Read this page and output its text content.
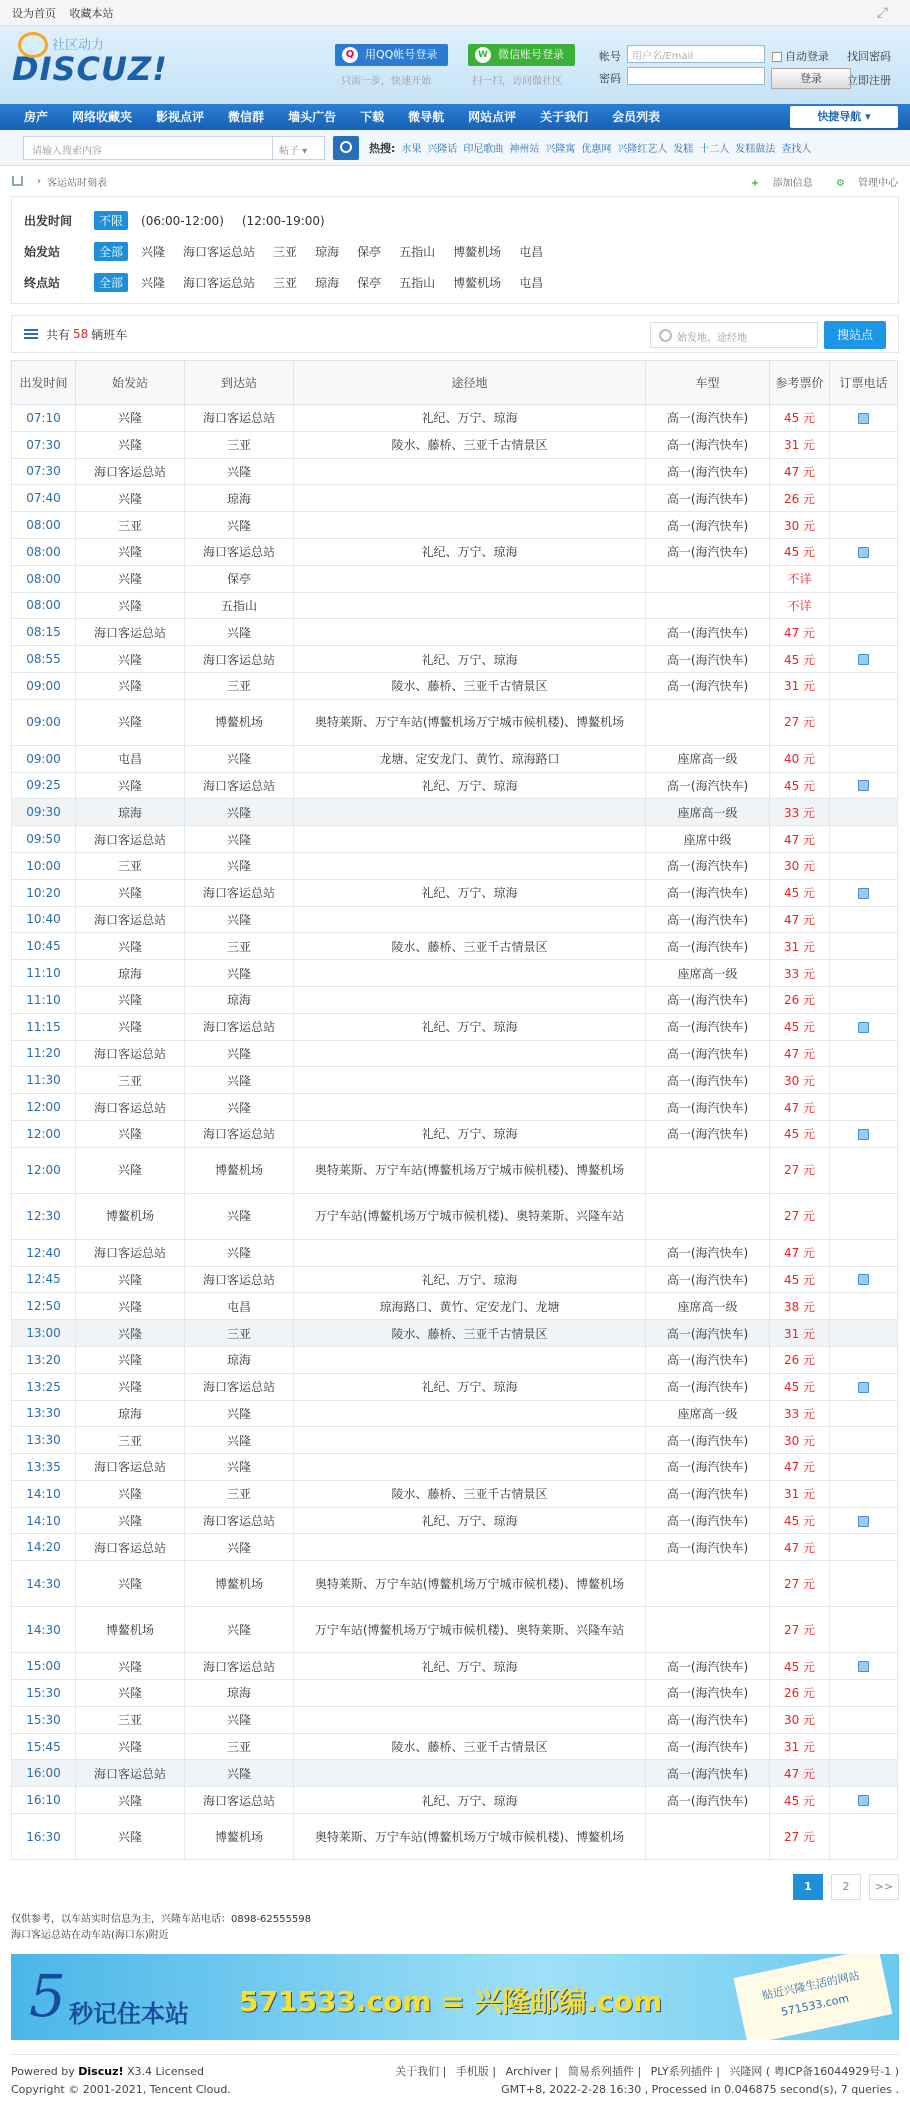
设为首页 收藏本站	⤢
社区动力
DISCUZ!	Q 用QQ帐号登录	W 微信账号登录
只需一步，快速开始	扫一扫，访问微社区
帐号	用户名/Email
密码
自动登录
登录
找回密码
立即注册
房产	网络收藏夹	影视点评	微信群	墙头广告	下载	微导航	网站点评	关于我们	会员列表	快捷导航 ▾
请输入搜索内容	帖子 ▾	热搜: 水果 兴隆话 印尼歌曲 神州站 兴隆寓 优惠网 兴隆红艺人 发糕 十二人 发糕做法 查找人
› 客运站时刻表	+ 添加信息 ⚙ 管理中心
出发时间	不限	(06:00-12:00)	(12:00-19:00)
始发站	全部	兴隆	海口客运总站	三亚	琼海	保亭	五指山	博鳌机场	屯昌
终点站	全部	兴隆	海口客运总站	三亚	琼海	保亭	五指山	博鳌机场	屯昌
共有 58 辆班车	始发地、途经地	搜站点
出发时间	始发站	到达站	途径地	车型	参考票价	订票电话
07:10	兴隆	海口客运总站	礼纪、万宁、琼海	高一(海汽快车)	45 元	
07:30	兴隆	三亚	陵水、藤桥、三亚千古情景区	高一(海汽快车)	31 元	
07:30	海口客运总站	兴隆		高一(海汽快车)	47 元	
07:40	兴隆	琼海		高一(海汽快车)	26 元	
08:00	三亚	兴隆		高一(海汽快车)	30 元	
08:00	兴隆	海口客运总站	礼纪、万宁、琼海	高一(海汽快车)	45 元	
08:00	兴隆	保亭			不详	
08:00	兴隆	五指山			不详	
08:15	海口客运总站	兴隆		高一(海汽快车)	47 元	
08:55	兴隆	海口客运总站	礼纪、万宁、琼海	高一(海汽快车)	45 元	
09:00	兴隆	三亚	陵水、藤桥、三亚千古情景区	高一(海汽快车)	31 元	
09:00	兴隆	博鳌机场	奥特莱斯、万宁车站(博鳌机场万宁城市候机楼)、博鳌机场		27 元	
09:00	屯昌	兴隆	龙塘、定安龙门、黄竹、琼海路口	座席高一级	40 元	
09:25	兴隆	海口客运总站	礼纪、万宁、琼海	高一(海汽快车)	45 元	
09:30	琼海	兴隆		座席高一级	33 元	
09:50	海口客运总站	兴隆		座席中级	47 元	
10:00	三亚	兴隆		高一(海汽快车)	30 元	
10:20	兴隆	海口客运总站	礼纪、万宁、琼海	高一(海汽快车)	45 元	
10:40	海口客运总站	兴隆		高一(海汽快车)	47 元	
10:45	兴隆	三亚	陵水、藤桥、三亚千古情景区	高一(海汽快车)	31 元	
11:10	琼海	兴隆		座席高一级	33 元	
11:10	兴隆	琼海		高一(海汽快车)	26 元	
11:15	兴隆	海口客运总站	礼纪、万宁、琼海	高一(海汽快车)	45 元	
11:20	海口客运总站	兴隆		高一(海汽快车)	47 元	
11:30	三亚	兴隆		高一(海汽快车)	30 元	
12:00	海口客运总站	兴隆		高一(海汽快车)	47 元	
12:00	兴隆	海口客运总站	礼纪、万宁、琼海	高一(海汽快车)	45 元	
12:00	兴隆	博鳌机场	奥特莱斯、万宁车站(博鳌机场万宁城市候机楼)、博鳌机场		27 元	
12:30	博鳌机场	兴隆	万宁车站(博鳌机场万宁城市候机楼)、奥特莱斯、兴隆车站		27 元	
12:40	海口客运总站	兴隆		高一(海汽快车)	47 元	
12:45	兴隆	海口客运总站	礼纪、万宁、琼海	高一(海汽快车)	45 元	
12:50	兴隆	屯昌	琼海路口、黄竹、定安龙门、龙塘	座席高一级	38 元	
13:00	兴隆	三亚	陵水、藤桥、三亚千古情景区	高一(海汽快车)	31 元	
13:20	兴隆	琼海		高一(海汽快车)	26 元	
13:25	兴隆	海口客运总站	礼纪、万宁、琼海	高一(海汽快车)	45 元	
13:30	琼海	兴隆		座席高一级	33 元	
13:30	三亚	兴隆		高一(海汽快车)	30 元	
13:35	海口客运总站	兴隆		高一(海汽快车)	47 元	
14:10	兴隆	三亚	陵水、藤桥、三亚千古情景区	高一(海汽快车)	31 元	
14:10	兴隆	海口客运总站	礼纪、万宁、琼海	高一(海汽快车)	45 元	
14:20	海口客运总站	兴隆		高一(海汽快车)	47 元	
14:30	兴隆	博鳌机场	奥特莱斯、万宁车站(博鳌机场万宁城市候机楼)、博鳌机场		27 元	
14:30	博鳌机场	兴隆	万宁车站(博鳌机场万宁城市候机楼)、奥特莱斯、兴隆车站		27 元	
15:00	兴隆	海口客运总站	礼纪、万宁、琼海	高一(海汽快车)	45 元	
15:30	兴隆	琼海		高一(海汽快车)	26 元	
15:30	三亚	兴隆		高一(海汽快车)	30 元	
15:45	兴隆	三亚	陵水、藤桥、三亚千古情景区	高一(海汽快车)	31 元	
16:00	海口客运总站	兴隆		高一(海汽快车)	47 元	
16:10	兴隆	海口客运总站	礼纪、万宁、琼海	高一(海汽快车)	45 元	
16:30	兴隆	博鳌机场	奥特莱斯、万宁车站(博鳌机场万宁城市候机楼)、博鳌机场		27 元	
1	2	>>
仅供参考，以车站实时信息为主，兴隆车站电话：0898-62555598
海口客运总站在动车站(海口东)附近
5 秒记住本站 571533.com = 兴隆邮编.com	贴近兴隆生活的网站 571533.com
Powered by Discuz! X3.4 Licensed
Copyright © 2001-2021, Tencent Cloud.
关于我们 | 手机版 | Archiver | 简易系列插件 | PLY系列插件 | 兴隆网 ( 粤ICP备16044929号-1 )
GMT+8, 2022-2-28 16:30 , Processed in 0.046875 second(s), 7 queries .
